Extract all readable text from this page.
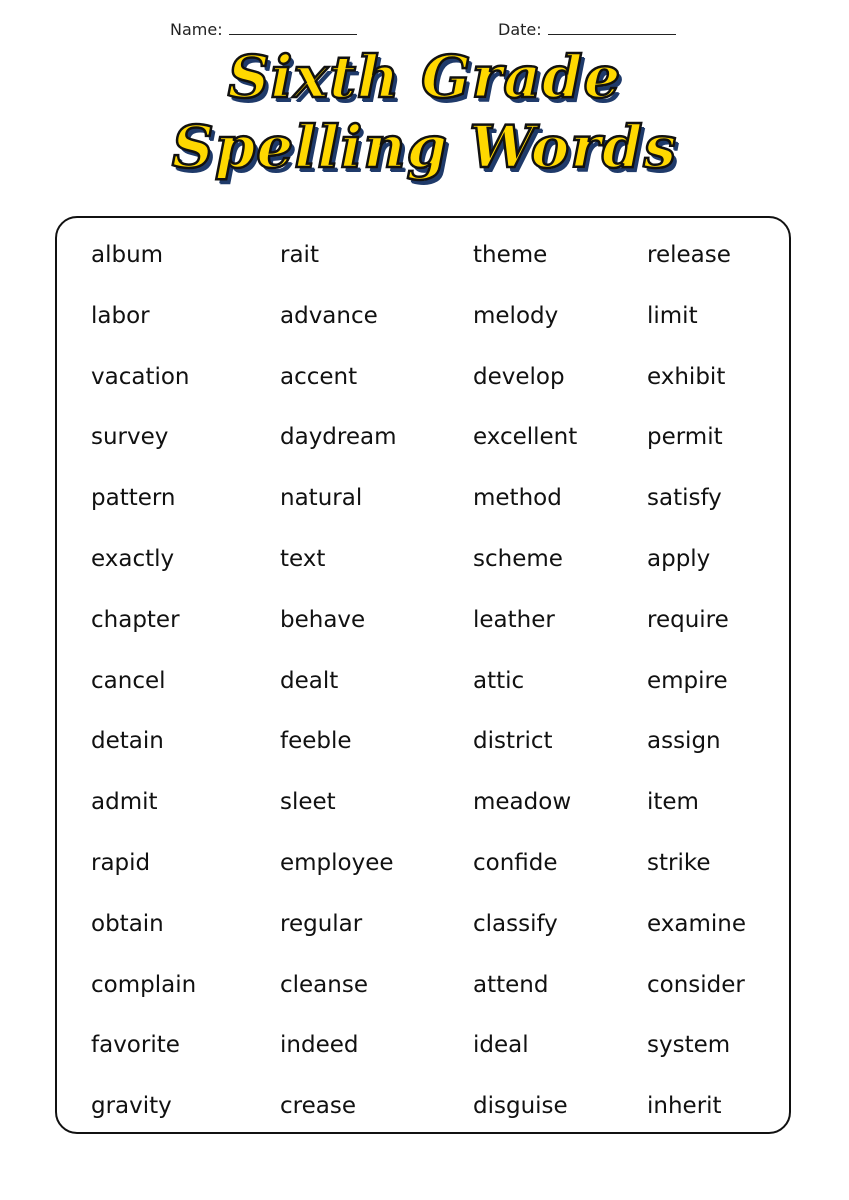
Name:	Date:
Sixth Grade
Spelling Words
album	rait	theme	release
labor	advance	melody	limit
vacation	accent	develop	exhibit
survey	daydream	excellent	permit
pattern	natural	method	satisfy
exactly	text	scheme	apply
chapter	behave	leather	require
cancel	dealt	attic	empire
detain	feeble	district	assign
admit	sleet	meadow	item
rapid	employee	confide	strike
obtain	regular	classify	examine
complain	cleanse	attend	consider
favorite	indeed	ideal	system
gravity	crease	disguise	inherit
